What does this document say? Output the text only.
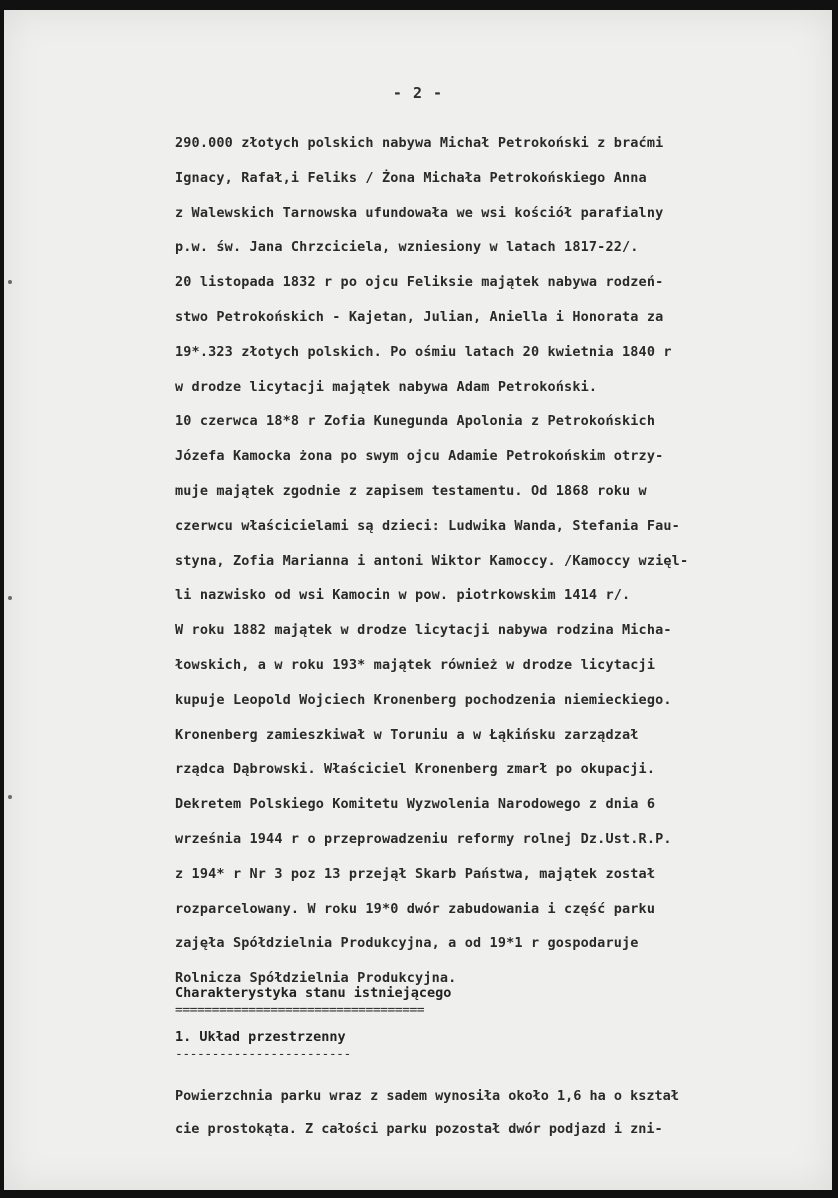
- 2 -
290.000 złotych polskich nabywa Michał Petrokoński z braćmi
Ignacy, Rafał,i Feliks / Żona Michała Petrokońskiego Anna
z Walewskich Tarnowska ufundowała we wsi kościół parafialny
p.w. św. Jana Chrzciciela, wzniesiony w latach 1817-22/.
20 listopada 1832 r po ojcu Feliksie majątek nabywa rodzeń-
stwo Petrokońskich - Kajetan, Julian, Aniella i Honorata za
19*.323 złotych polskich. Po ośmiu latach 20 kwietnia 1840 r
w drodze licytacji majątek nabywa Adam Petrokoński.
10 czerwca 18*8 r Zofia Kunegunda Apolonia z Petrokońskich
Józefa Kamocka żona po swym ojcu Adamie Petrokońskim otrzy-
muje majątek zgodnie z zapisem testamentu. Od 1868 roku w
czerwcu właścicielami są dzieci: Ludwika Wanda, Stefania Fau-
styna, Zofia Marianna i antoni Wiktor Kamoccy. /Kamoccy wzięl-
li nazwisko od wsi Kamocin w pow. piotrkowskim 1414 r/.
W roku 1882 majątek w drodze licytacji nabywa rodzina Micha-
łowskich, a w roku 193* majątek również w drodze licytacji
kupuje Leopold Wojciech Kronenberg pochodzenia niemieckiego.
Kronenberg zamieszkiwał w Toruniu a w Łąkińsku zarządzał
rządca Dąbrowski. Właściciel Kronenberg zmarł po okupacji.
Dekretem Polskiego Komitetu Wyzwolenia Narodowego z dnia 6
września 1944 r o przeprowadzeniu reformy rolnej Dz.Ust.R.P.
z 194* r Nr 3 poz 13 przejął Skarb Państwa, majątek został
rozparcelowany. W roku 19*0 dwór zabudowania i część parku
zajęła Spółdzielnia Produkcyjna, a od 19*1 r gospodaruje
Rolnicza Spółdzielnia Produkcyjna.
Charakterystyka stanu istniejącego
==================================
1. Układ przestrzenny
------------------------
Powierzchnia parku wraz z sadem wynosiła około 1,6 ha o kształ
cie prostokąta. Z całości parku pozostał dwór podjazd i zni-
